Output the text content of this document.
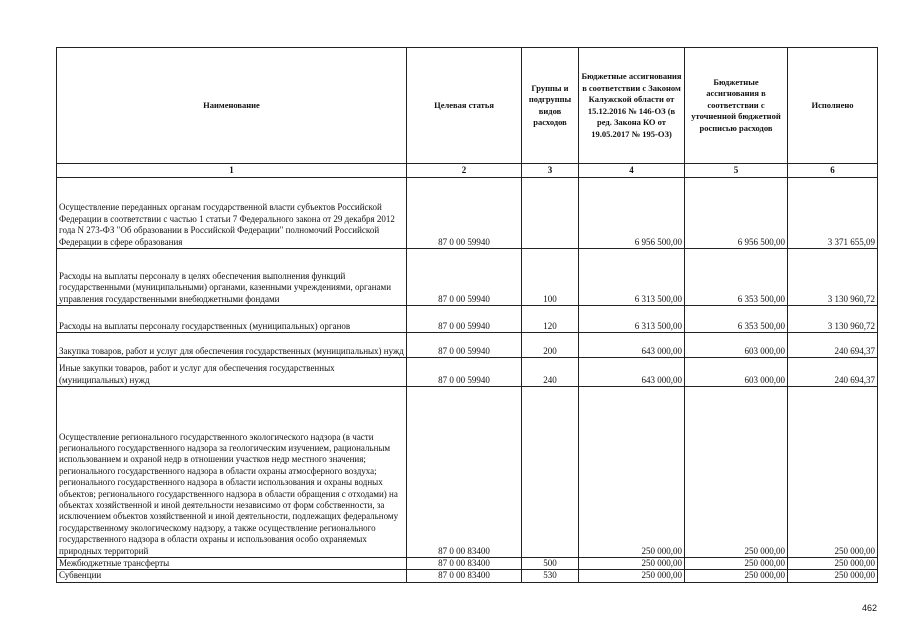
Наименование	Целевая статья	Группы и подгруппы видов расходов	Бюджетные ассигнования в соответствии с Законом Калужской области от 15.12.2016 № 146-ОЗ (в ред. Закона КО от 19.05.2017 № 195-ОЗ)	Бюджетные ассигнования в соответствии с уточненной бюджетной росписью расходов	Исполнено
1	2	3	4	5	6
Осуществление переданных органам государственной власти субъектов Российской Федерации в соответствии с частью 1 статьи 7 Федерального закона от 29 декабря 2012 года N 273-ФЗ "Об образовании в Российской Федерации" полномочий Российской Федерации в сфере образования	87 0 00 59940		6 956 500,00	6 956 500,00	3 371 655,09
Расходы на выплаты персоналу в целях обеспечения выполнения функций государственными (муниципальными) органами, казенными учреждениями, органами управления государственными внебюджетными фондами	87 0 00 59940	100	6 313 500,00	6 353 500,00	3 130 960,72
Расходы на выплаты персоналу государственных (муниципальных) органов	87 0 00 59940	120	6 313 500,00	6 353 500,00	3 130 960,72
Закупка товаров, работ и услуг для обеспечения государственных (муниципальных) нужд	87 0 00 59940	200	643 000,00	603 000,00	240 694,37
Иные закупки товаров, работ и услуг для обеспечения государственных (муниципальных) нужд	87 0 00 59940	240	643 000,00	603 000,00	240 694,37
Осуществление регионального государственного экологического надзора (в части регионального государственного надзора за геологическим изучением, рациональным использованием и охраной недр в отношении участков недр местного значения; регионального государственного надзора в области охраны атмосферного воздуха; регионального государственного надзора в области использования и охраны водных объектов; регионального государственного надзора в области обращения с отходами) на объектах хозяйственной и иной деятельности независимо от форм собственности, за исключением объектов хозяйственной и иной деятельности, подлежащих федеральному государственному экологическому надзору, а также осуществление регионального государственного надзора в области охраны и использования особо охраняемых природных территорий	87 0 00 83400		250 000,00	250 000,00	250 000,00
Межбюджетные трансферты	87 0 00 83400	500	250 000,00	250 000,00	250 000,00
Субвенции	87 0 00 83400	530	250 000,00	250 000,00	250 000,00
462
